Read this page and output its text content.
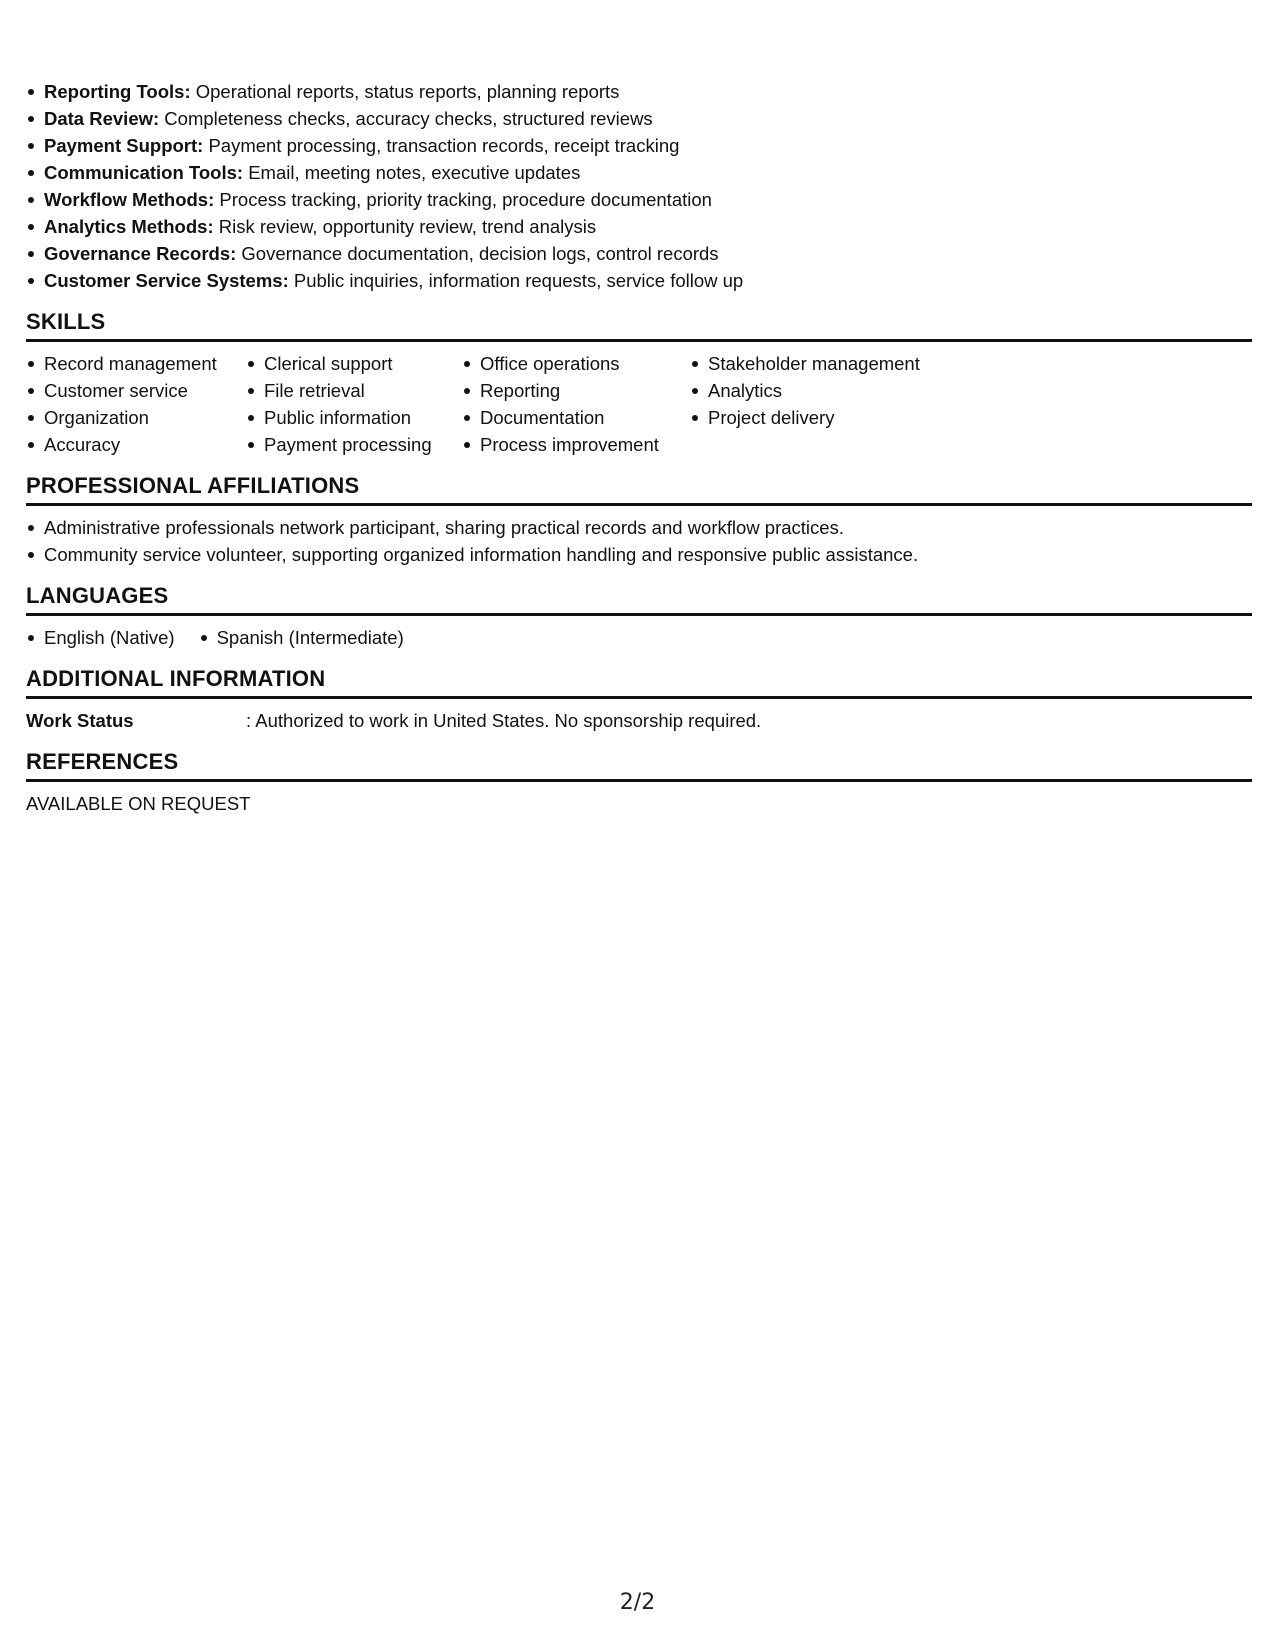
Reporting Tools: Operational reports, status reports, planning reports
Data Review: Completeness checks, accuracy checks, structured reviews
Payment Support: Payment processing, transaction records, receipt tracking
Communication Tools: Email, meeting notes, executive updates
Workflow Methods: Process tracking, priority tracking, procedure documentation
Analytics Methods: Risk review, opportunity review, trend analysis
Governance Records: Governance documentation, decision logs, control records
Customer Service Systems: Public inquiries, information requests, service follow up
SKILLS
Record management
Customer service
Organization
Accuracy
Clerical support
File retrieval
Public information
Payment processing
Office operations
Reporting
Documentation
Process improvement
Stakeholder management
Analytics
Project delivery
PROFESSIONAL AFFILIATIONS
Administrative professionals network participant, sharing practical records and workflow practices.
Community service volunteer, supporting organized information handling and responsive public assistance.
LANGUAGES
English (Native)	Spanish (Intermediate)
ADDITIONAL INFORMATION
Work Status	: Authorized to work in United States. No sponsorship required.
REFERENCES
AVAILABLE ON REQUEST
2/2
